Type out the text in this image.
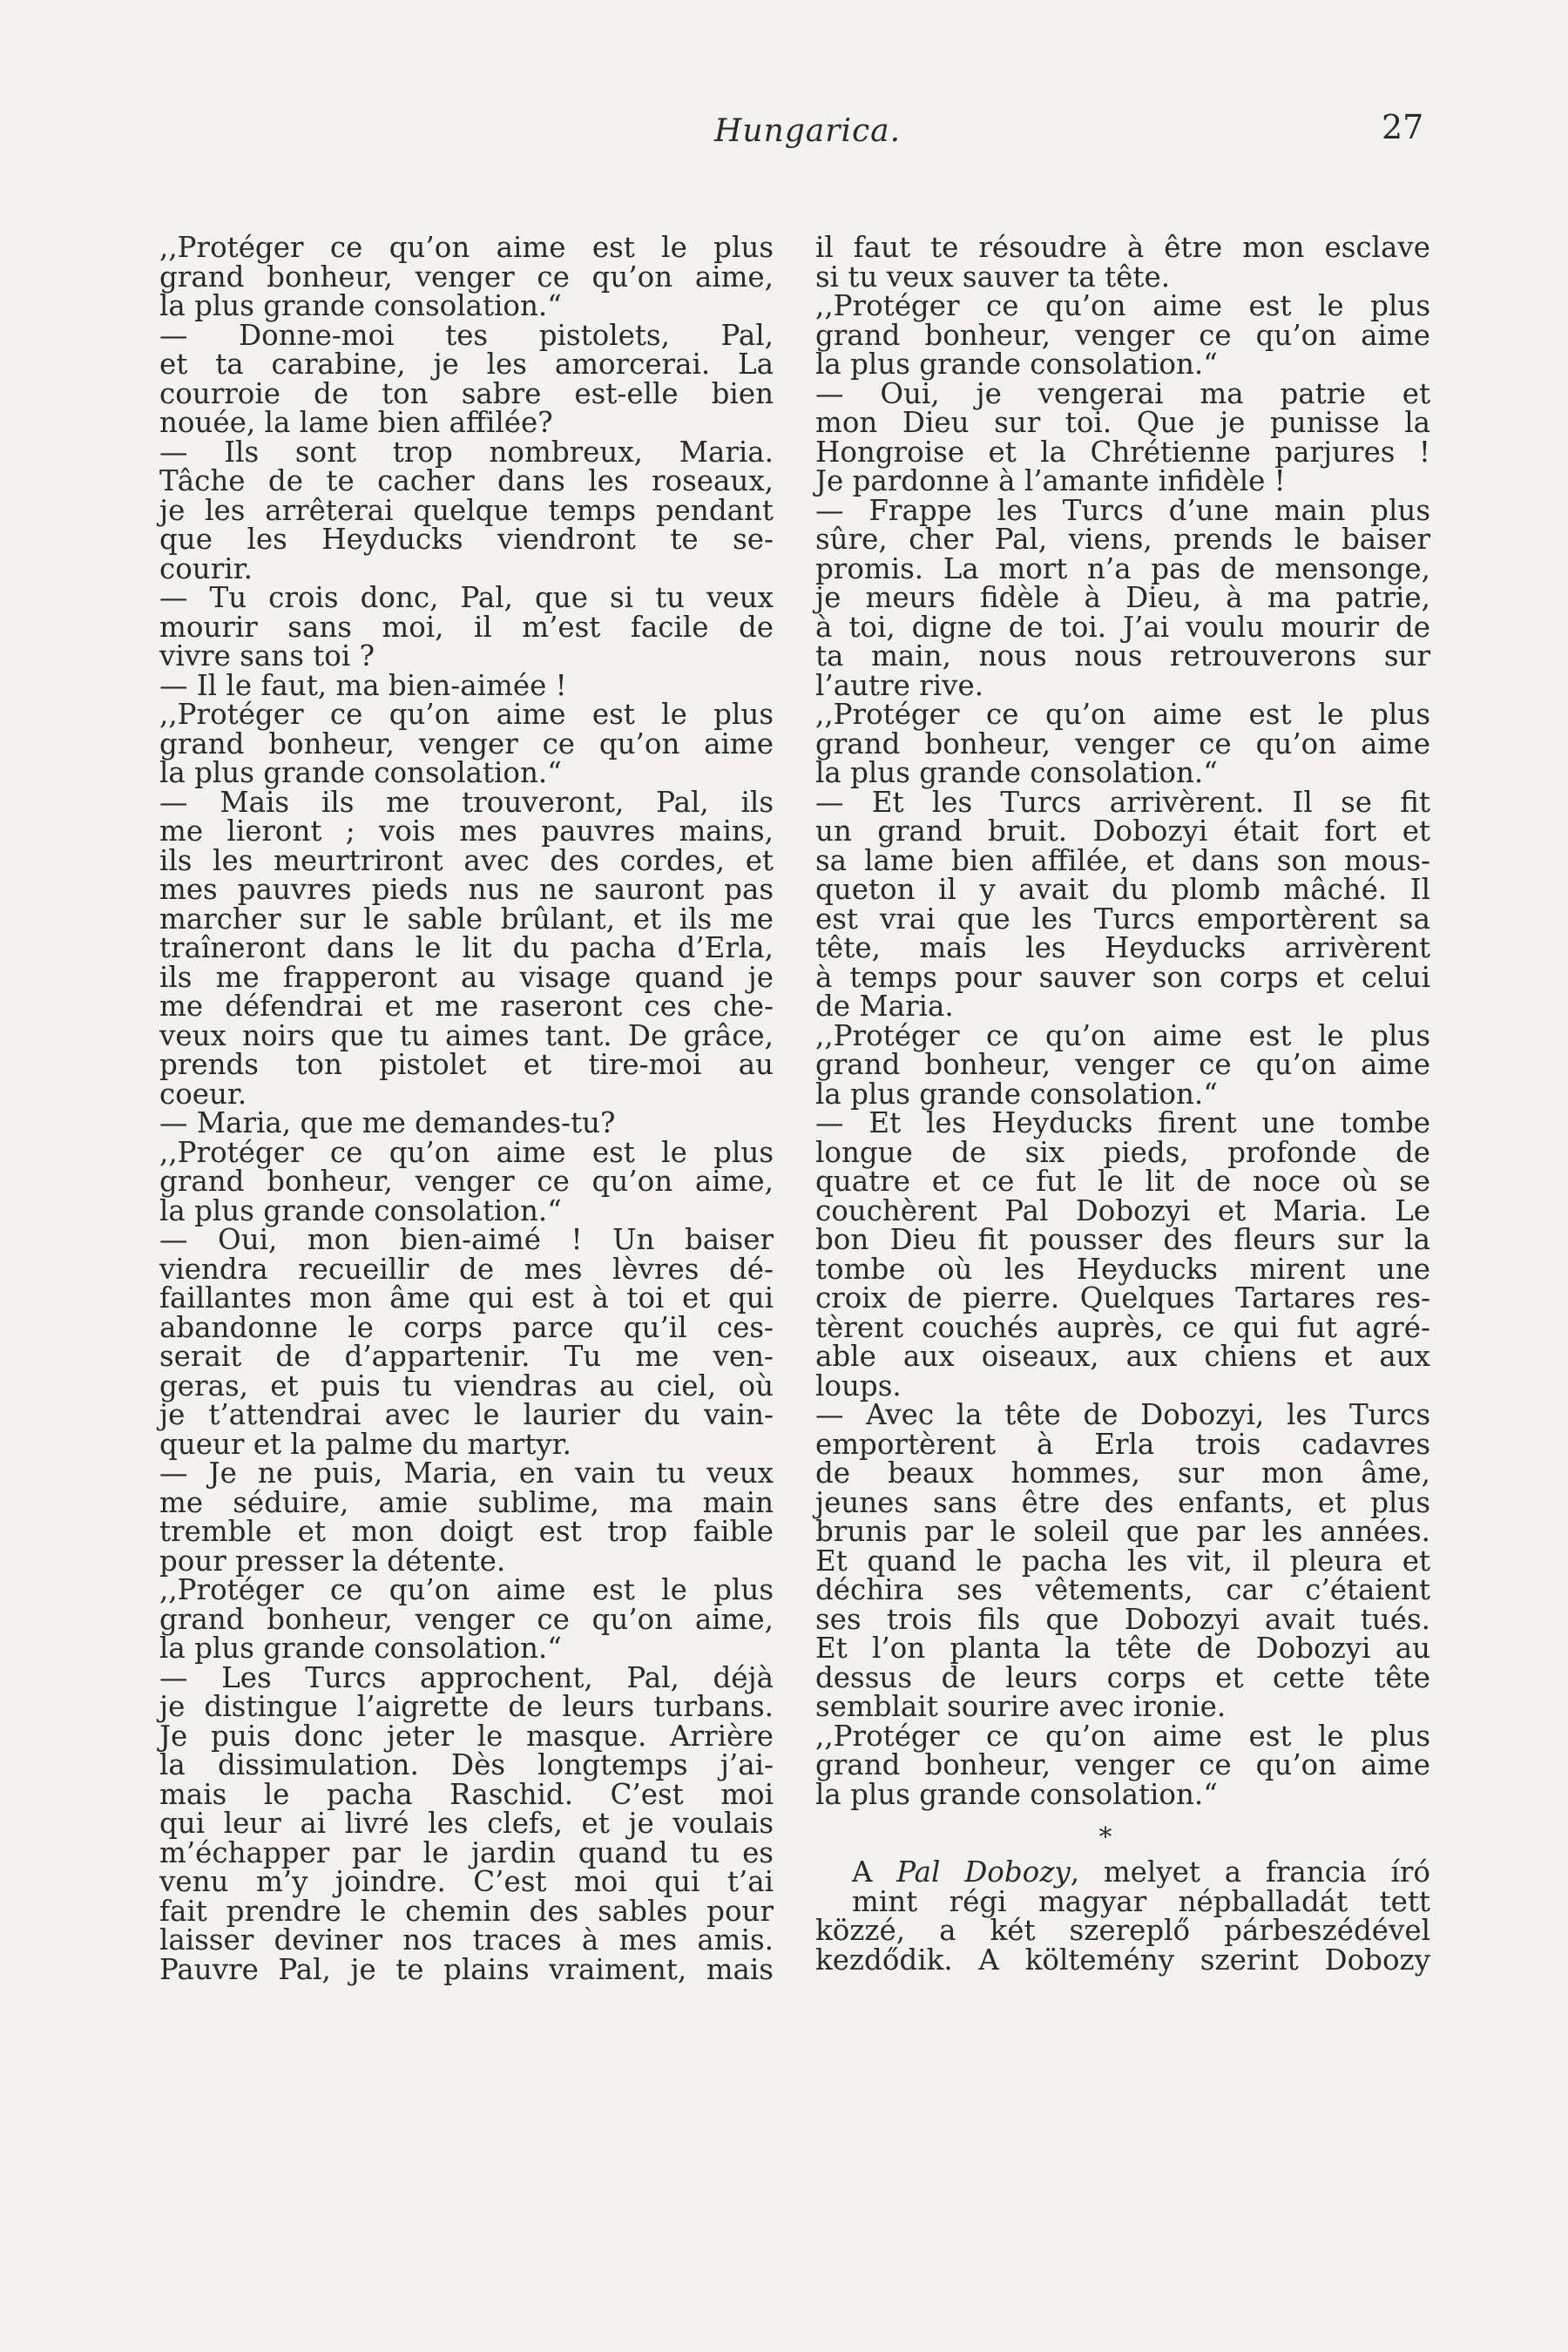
Hungarica.	27
,,Protéger ce qu’on aime est le plus
grand bonheur, venger ce qu’on aime,
la plus grande consolation.“
— Donne-moi tes pistolets, Pal,
et ta carabine, je les amorcerai. La
courroie de ton sabre est-elle bien
nouée, la lame bien affilée?
— Ils sont trop nombreux, Maria.
Tâche de te cacher dans les roseaux,
je les arrêterai quelque temps pendant
que les Heyducks viendront te se-
courir.
— Tu crois donc, Pal, que si tu veux
mourir sans moi, il m’est facile de
vivre sans toi ?
— Il le faut, ma bien-aimée !
,,Protéger ce qu’on aime est le plus
grand bonheur, venger ce qu’on aime
la plus grande consolation.“
— Mais ils me trouveront, Pal, ils
me lieront ; vois mes pauvres mains,
ils les meurtriront avec des cordes, et
mes pauvres pieds nus ne sauront pas
marcher sur le sable brûlant, et ils me
traîneront dans le lit du pacha d’Erla,
ils me frapperont au visage quand je
me défendrai et me raseront ces che-
veux noirs que tu aimes tant. De grâce,
prends ton pistolet et tire-moi au
coeur.
— Maria, que me demandes-tu?
,,Protéger ce qu’on aime est le plus
grand bonheur, venger ce qu’on aime,
la plus grande consolation.“
— Oui, mon bien-aimé ! Un baiser
viendra recueillir de mes lèvres dé-
faillantes mon âme qui est à toi et qui
abandonne le corps parce qu’il ces-
serait de d’appartenir. Tu me ven-
geras, et puis tu viendras au ciel, où
je t’attendrai avec le laurier du vain-
queur et la palme du martyr.
— Je ne puis, Maria, en vain tu veux
me séduire, amie sublime, ma main
tremble et mon doigt est trop faible
pour presser la détente.
,,Protéger ce qu’on aime est le plus
grand bonheur, venger ce qu’on aime,
la plus grande consolation.“
— Les Turcs approchent, Pal, déjà
je distingue l’aigrette de leurs turbans.
Je puis donc jeter le masque. Arrière
la dissimulation. Dès longtemps j’ai-
mais le pacha Raschid. C’est moi
qui leur ai livré les clefs, et je voulais
m’échapper par le jardin quand tu es
venu m’y joindre. C’est moi qui t’ai
fait prendre le chemin des sables pour
laisser deviner nos traces à mes amis.
Pauvre Pal, je te plains vraiment, mais
il faut te résoudre à être mon esclave
si tu veux sauver ta tête.
,,Protéger ce qu’on aime est le plus
grand bonheur, venger ce qu’on aime
la plus grande consolation.“
— Oui, je vengerai ma patrie et
mon Dieu sur toi. Que je punisse la
Hongroise et la Chrétienne parjures !
Je pardonne à l’amante infidèle !
— Frappe les Turcs d’une main plus
sûre, cher Pal, viens, prends le baiser
promis. La mort n’a pas de mensonge,
je meurs fidèle à Dieu, à ma patrie,
à toi, digne de toi. J’ai voulu mourir de
ta main, nous nous retrouverons sur
l’autre rive.
,,Protéger ce qu’on aime est le plus
grand bonheur, venger ce qu’on aime
la plus grande consolation.“
— Et les Turcs arrivèrent. Il se fit
un grand bruit. Dobozyi était fort et
sa lame bien affilée, et dans son mous-
queton il y avait du plomb mâché. Il
est vrai que les Turcs emportèrent sa
tête, mais les Heyducks arrivèrent
à temps pour sauver son corps et celui
de Maria.
,,Protéger ce qu’on aime est le plus
grand bonheur, venger ce qu’on aime
la plus grande consolation.“
— Et les Heyducks firent une tombe
longue de six pieds, profonde de
quatre et ce fut le lit de noce où se
couchèrent Pal Dobozyi et Maria. Le
bon Dieu fit pousser des fleurs sur la
tombe où les Heyducks mirent une
croix de pierre. Quelques Tartares res-
tèrent couchés auprès, ce qui fut agré-
able aux oiseaux, aux chiens et aux
loups.
— Avec la tête de Dobozyi, les Turcs
emportèrent à Erla trois cadavres
de beaux hommes, sur mon âme,
jeunes sans être des enfants, et plus
brunis par le soleil que par les années.
Et quand le pacha les vit, il pleura et
déchira ses vêtements, car c’étaient
ses trois fils que Dobozyi avait tués.
Et l’on planta la tête de Dobozyi au
dessus de leurs corps et cette tête
semblait sourire avec ironie.
,,Protéger ce qu’on aime est le plus
grand bonheur, venger ce qu’on aime
la plus grande consolation.“
*
A Pal Dobozy, melyet a francia író
mint régi magyar népballadát tett
közzé, a két szereplő párbeszédével
kezdődik. A költemény szerint Dobozy
